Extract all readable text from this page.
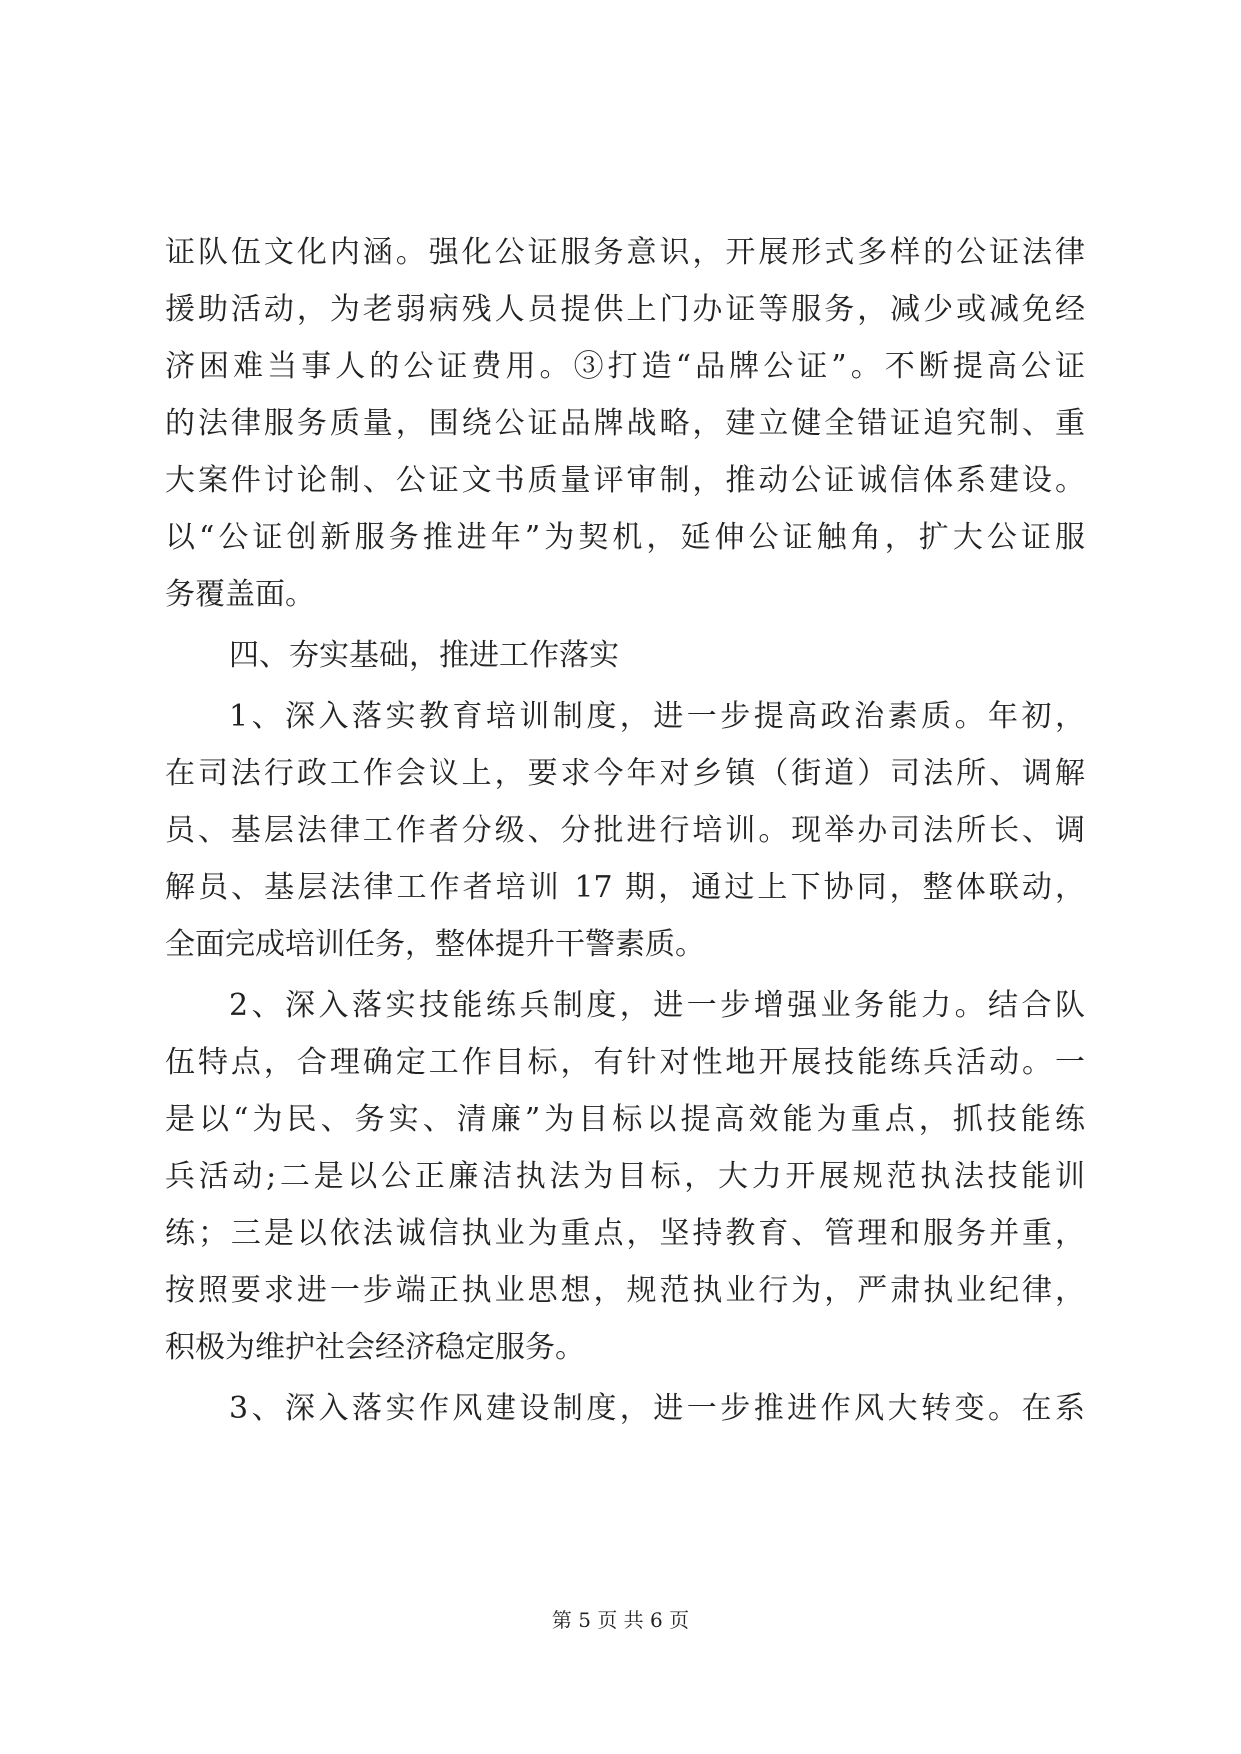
证队伍文化内涵。强化公证服务意识，开展形式多样的公证法律

援助活动，为老弱病残人员提供上门办证等服务，减少或减免经

济困难当事人的公证费用。③打造“品牌公证”。不断提高公证

的法律服务质量，围绕公证品牌战略，建立健全错证追究制、重

大案件讨论制、公证文书质量评审制，推动公证诚信体系建设。

以“公证创新服务推进年”为契机，延伸公证触角，扩大公证服

务覆盖面。

四、夯实基础，推进工作落实

1、深入落实教育培训制度，进一步提高政治素质。年初，

在司法行政工作会议上，要求今年对乡镇（街道）司法所、调解

员、基层法律工作者分级、分批进行培训。现举办司法所长、调

解员、基层法律工作者培训 17 期，通过上下协同，整体联动，

全面完成培训任务，整体提升干警素质。

2、深入落实技能练兵制度，进一步增强业务能力。结合队

伍特点，合理确定工作目标，有针对性地开展技能练兵活动。一

是以“为民、务实、清廉”为目标以提高效能为重点，抓技能练

兵活动;二是以公正廉洁执法为目标，大力开展规范执法技能训

练；三是以依法诚信执业为重点，坚持教育、管理和服务并重，

按照要求进一步端正执业思想，规范执业行为，严肃执业纪律，

积极为维护社会经济稳定服务。

3、深入落实作风建设制度，进一步推进作风大转变。在系

第 5 页 共 6 页
